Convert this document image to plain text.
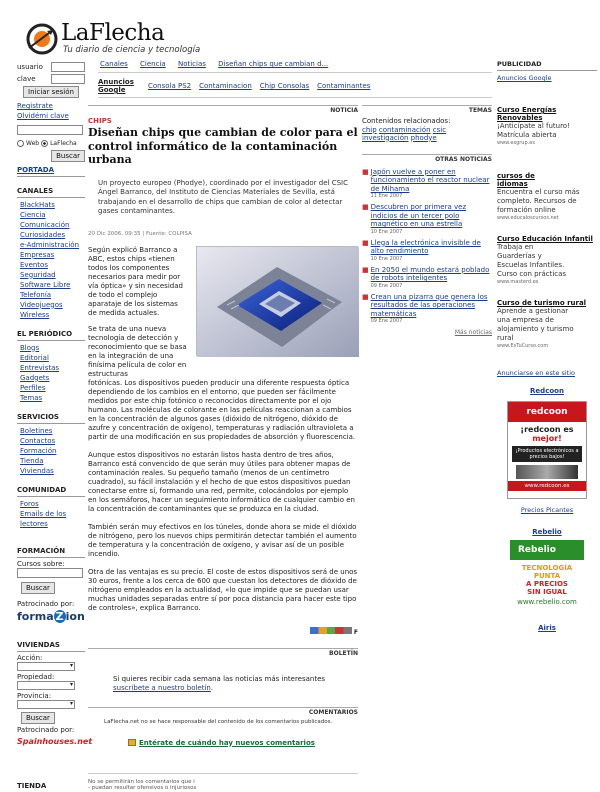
LaFlecha
Tu diario de ciencia y tecnología
usuario
clave
Iniciar sesión
Registrate
Olvidémi clave
Web LaFlecha
Buscar
PORTADA
CANALES
BlackHats
Ciencia
Comunicación
Curiosidades
e-Administración
Empresas
Eventos
Seguridad
Software Libre
Telefonía
Videojuegos
Wireless
EL PERIÓDICO
Blogs
Editorial
Entrevistas
Gadgets
Perfiles
Temas
SERVICIOS
Boletines
Contactos
Formación
Tienda
Viviendas
COMUNIDAD
Foros
Emails de los lectores
FORMACIÓN
Cursos sobre:
Buscar
Patrocinado por:
forma Z ion
VIVIENDAS
Acción:
▾
Propiedad:
▾
Provincia:
▾
Buscar
Patrocinado por:
Spainhouses.net
TIENDA
Canales Ciencia Noticias Diseñan chips que cambian d...
Anuncios Google	Consola PS2 Contaminacion Chip Consolas Contaminantes
NOTICIA
CHIPS
Diseñan chips que cambian de color para el control informático de la contaminación urbana
Un proyecto europeo (Phodye), coordinado por el investigador del CSIC Ángel Barranco, del Instituto de Ciencias Materiales de Sevilla, está trabajando en el desarrollo de chips que cambian de color al detectar gases contaminantes.
20 Dic 2006, 09:35 | Fuente: COLPISA
Según explicó Barranco a ABC, estos chips «tienen todos los componentes necesarios para medir por vía óptica» y sin necesidad de todo el complejo aparataje de los sistemas de medida actuales.
Se trata de una nueva tecnología de detección y reconocimiento que se basa en la integración de una finísima película de color en estructuras
fotónicas. Los dispositivos pueden producir una diferente respuesta óptica dependiendo de los cambios en el entorno, que pueden ser fácilmente medidos por este chip fotónico o reconocidos directamente por el ojo humano. Las moléculas de colorante en las películas reaccionan a cambios en la concentración de algunos gases (dióxido de nitrógeno, dióxido de azufre y concentración de oxígeno), temperaturas y radiación ultravioleta a partir de una modificación en sus propiedades de absorción y fluorescencia.
Aunque estos dispositivos no estarán listos hasta dentro de tres años, Barranco está convencido de que serán muy útiles para obtener mapas de contaminación reales. Su pequeño tamaño (menos de un centímetro cuadrado), su fácil instalación y el hecho de que estos dispositivos puedan conectarse entre sí, formando una red, permite, colocándolos por ejemplo en los semáforos, hacer un seguimiento informático de cualquier cambio en la concentración de contaminantes que se produzca en la ciudad.
También serán muy efectivos en los túneles, donde ahora se mide el dióxido de nitrógeno, pero los nuevos chips permitirán detectar también el aumento de temperatura y la concentración de oxígeno, y avisar así de un posible incendio.
Otra de las ventajas es su precio. El coste de estos dispositivos será de unos 30 euros, frente a los cerca de 600 que cuestan los detectores de dióxido de nitrógeno empleados en la actualidad, «lo que impide que se puedan usar muchas unidades separadas entre sí por poca distancia para hacer este tipo de controles», explica Barranco.
F
BOLETÍN
Si quieres recibir cada semana las noticias más interesantes suscríbete a nuestro boletín.
COMENTARIOS
LaFlecha.net no se hace responsable del contenido de los comentarios publicados.
Entérate de cuándo hay nuevos comentarios
No se permitirán los comentarios que i
- puedan resultar ofensivos o injuriosos
TEMAS
Contenidos relacionados:
chip contaminación csic investigación phodye
OTRAS NOTICIAS
■ Japón vuelve a poner en funcionamiento el reactor nuclear de Mihama
11 Ene 2007
■ Descubren por primera vez indicios de un tercer polo magnético en una estrella
10 Ene 2007
■ Llega la electrónica invisible de alto rendimiento
10 Ene 2007
■ En 2050 el mundo estará poblado de robots inteligentes
09 Ene 2007
■ Crean una pizarra que genera los resultados de las operaciones matemáticas
09 Ene 2007
Más noticias
PUBLICIDAD
Anuncios Google
Curso Energías Renovables
¡Anticípate al futuro! Matrícula abierta
www.esgrup.es
cursos de idiomas
Encuentra el curso más completo. Recursos de formación online
www.educaloscursos.net
Curso Educación Infantil
Trabaja en Guarderías y Escuelas Infantiles. Curso con prácticas
www.masterd.es
Curso de turismo rural
Aprende a gestionar una empresa de alojamiento y turismo rural
www.EsTuCurso.com
Anunciarse en este sitio
Redcoon
redcoon
¡redcoon es
mejor!
¡Productos electrónicos a precios bajos!
www.redcoon.es
Precios Picantes
Rebelio
Rebelio
TECNOLOGÍA
PUNTA
A PRECIOS
SIN IGUAL
www.rebelio.com
Airis
